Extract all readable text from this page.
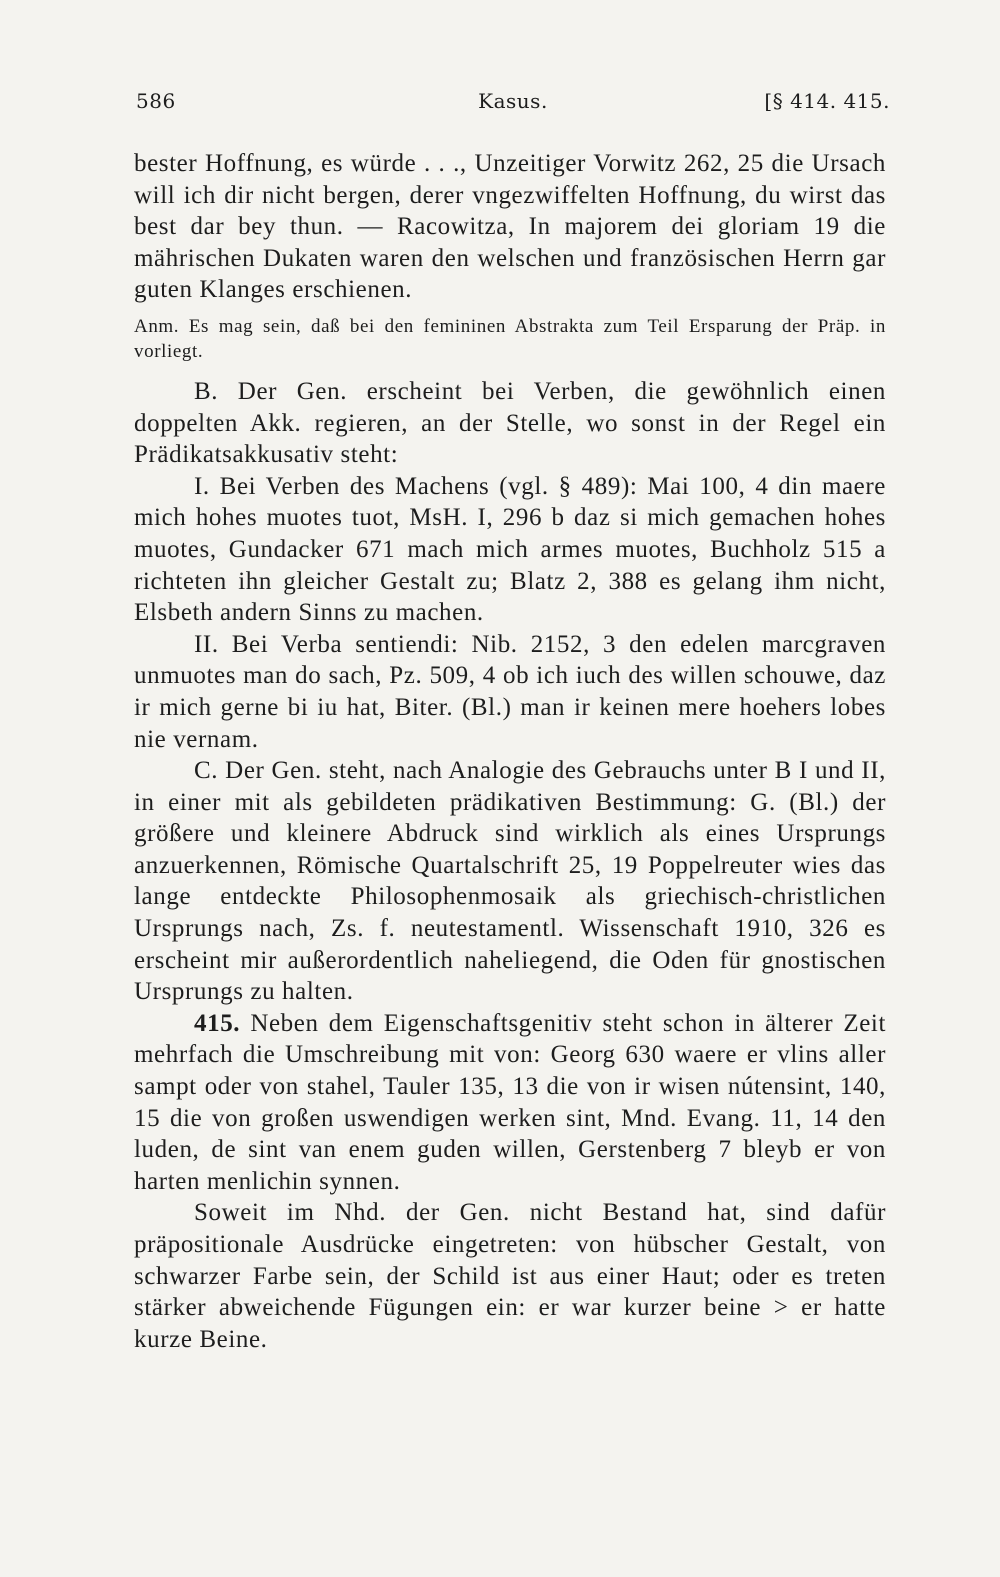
586	Kasus.	[§ 414. 415.

bester Hoffnung, es würde . . ., Unzeitiger Vorwitz 262, 25 die Ursach will ich dir nicht bergen, derer vngezwiffelten Hoffnung, du wirst das best dar bey thun. — Racowitza, In majorem dei gloriam 19 die mährischen Dukaten waren den welschen und französischen Herrn gar guten Klanges erschienen.

Anm. Es mag sein, daß bei den femininen Abstrakta zum Teil Ersparung der Präp. in vorliegt.

B. Der Gen. erscheint bei Verben, die gewöhnlich einen doppelten Akk. regieren, an der Stelle, wo sonst in der Regel ein Prädikatsakkusativ steht:

I. Bei Verben des Machens (vgl. § 489): Mai 100, 4 din maere mich hohes muotes tuot, MsH. I, 296 b daz si mich gemachen hohes muotes, Gundacker 671 mach mich armes muotes, Buchholz 515 a richteten ihn gleicher Gestalt zu; Blatz 2, 388 es gelang ihm nicht, Elsbeth andern Sinns zu machen.

II. Bei Verba sentiendi: Nib. 2152, 3 den edelen marcgraven unmuotes man do sach, Pz. 509, 4 ob ich iuch des willen schouwe, daz ir mich gerne bi iu hat, Biter. (Bl.) man ir keinen mere hoehers lobes nie vernam.

C. Der Gen. steht, nach Analogie des Gebrauchs unter B I und II, in einer mit als gebildeten prädikativen Bestimmung: G. (Bl.) der größere und kleinere Abdruck sind wirklich als eines Ursprungs anzuerkennen, Römische Quartalschrift 25, 19 Poppelreuter wies das lange entdeckte Philosophenmosaik als griechisch-christlichen Ursprungs nach, Zs. f. neutestamentl. Wissenschaft 1910, 326 es erscheint mir außerordentlich naheliegend, die Oden für gnostischen Ursprungs zu halten.

415. Neben dem Eigenschaftsgenitiv steht schon in älterer Zeit mehrfach die Umschreibung mit von: Georg 630 waere er vlins aller sampt oder von stahel, Tauler 135, 13 die von ir wisen nútensint, 140, 15 die von großen uswendigen werken sint, Mnd. Evang. 11, 14 den luden, de sint van enem guden willen, Gerstenberg 7 bleyb er von harten menlichin synnen.

Soweit im Nhd. der Gen. nicht Bestand hat, sind dafür präpositionale Ausdrücke eingetreten: von hübscher Gestalt, von schwarzer Farbe sein, der Schild ist aus einer Haut; oder es treten stärker abweichende Fügungen ein: er war kurzer beine > er hatte kurze Beine.
